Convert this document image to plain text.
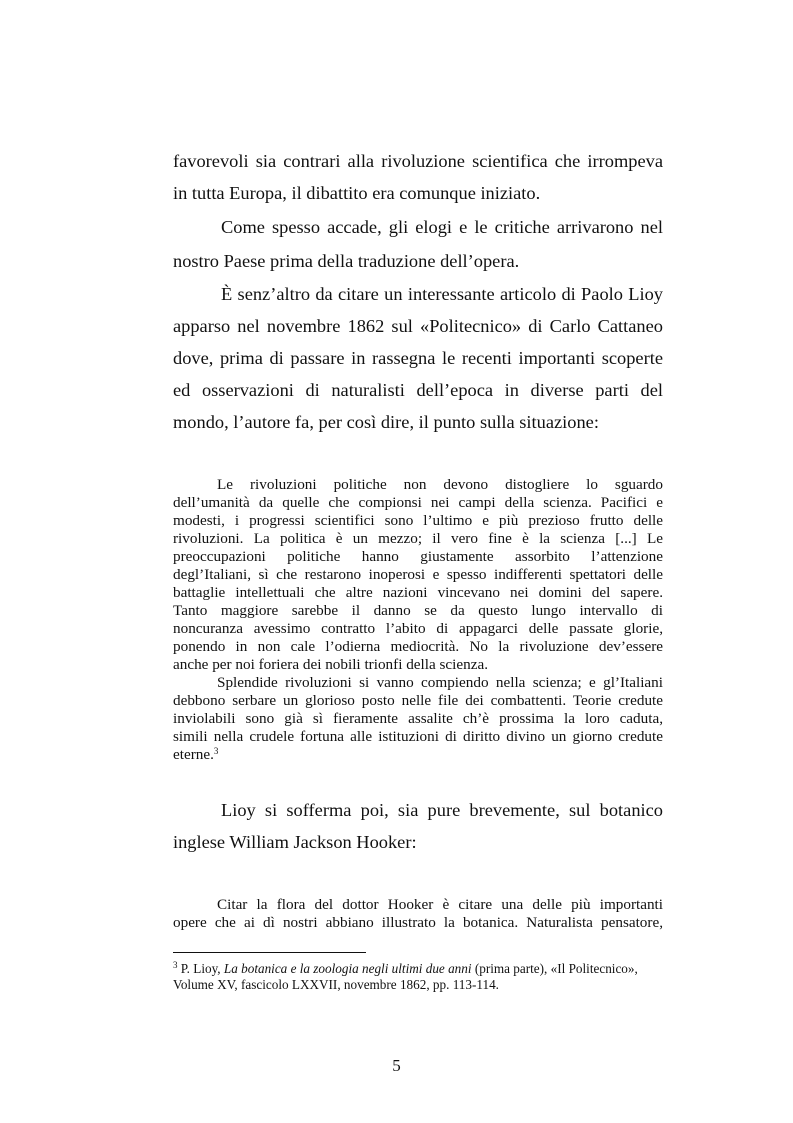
favorevoli sia contrari alla rivoluzione scientifica che irrompeva
in tutta Europa, il dibattito era comunque iniziato.
Come spesso accade, gli elogi e le critiche arrivarono nel
nostro Paese prima della traduzione dell’opera.
È senz’altro da citare un interessante articolo di Paolo Lioy
apparso nel novembre 1862 sul «Politecnico» di Carlo Cattaneo
dove, prima di passare in rassegna le recenti importanti scoperte
ed osservazioni di naturalisti dell’epoca in diverse parti del
mondo, l’autore fa, per così dire, il punto sulla situazione:
Le rivoluzioni politiche non devono distogliere lo sguardo
dell’umanità da quelle che compionsi nei campi della scienza. Pacifici e
modesti, i progressi scientifici sono l’ultimo e più prezioso frutto delle
rivoluzioni. La politica è un mezzo; il vero fine è la scienza [...] Le
preoccupazioni politiche hanno giustamente assorbito l’attenzione
degl’Italiani, sì che restarono inoperosi e spesso indifferenti spettatori delle
battaglie intellettuali che altre nazioni vincevano nei domini del sapere.
Tanto maggiore sarebbe il danno se da questo lungo intervallo di
noncuranza avessimo contratto l’abito di appagarci delle passate glorie,
ponendo in non cale l’odierna mediocrità. No la rivoluzione dev’essere
anche per noi foriera dei nobili trionfi della scienza.
Splendide rivoluzioni si vanno compiendo nella scienza; e gl’Italiani
debbono serbare un glorioso posto nelle file dei combattenti. Teorie credute
inviolabili sono già sì fieramente assalite ch’è prossima la loro caduta,
simili nella crudele fortuna alle istituzioni di diritto divino un giorno credute
eterne.$^3$
Lioy si sofferma poi, sia pure brevemente, sul botanico
inglese William Jackson Hooker:
Citar la flora del dottor Hooker è citare una delle più importanti
opere che ai dì nostri abbiano illustrato la botanica. Naturalista pensatore,
$^3$ P. Lioy, La botanica e la zoologia negli ultimi due anni (prima parte), «Il Politecnico»,
Volume XV, fascicolo LXXVII, novembre 1862, pp. 113-114.
5
